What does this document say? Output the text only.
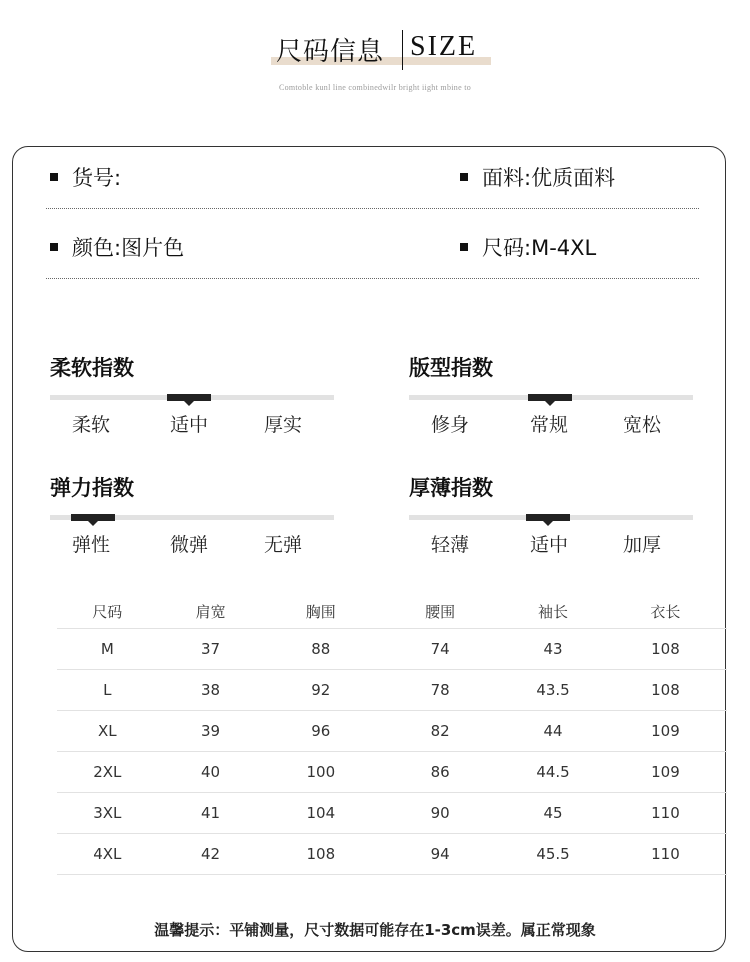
尺码信息 SIZE
Comtoble kunl line combinedwilr bright iight mbine to
货号:	面料:优质面料
颜色:图片色	尺码:M-4XL
柔软指数
柔软	适中	厚实
版型指数
修身	常规	宽松
弹力指数
弹性	微弹	无弹
厚薄指数
轻薄	适中	加厚
尺码	肩宽	胸围	腰围	袖长	衣长
M	37	88	74	43	108
L	38	92	78	43.5	108
XL	39	96	82	44	109
2XL	40	100	86	44.5	109
3XL	41	104	90	45	110
4XL	42	108	94	45.5	110
温馨提示：平铺测量，尺寸数据可能存在1-3cm误差。属正常现象
